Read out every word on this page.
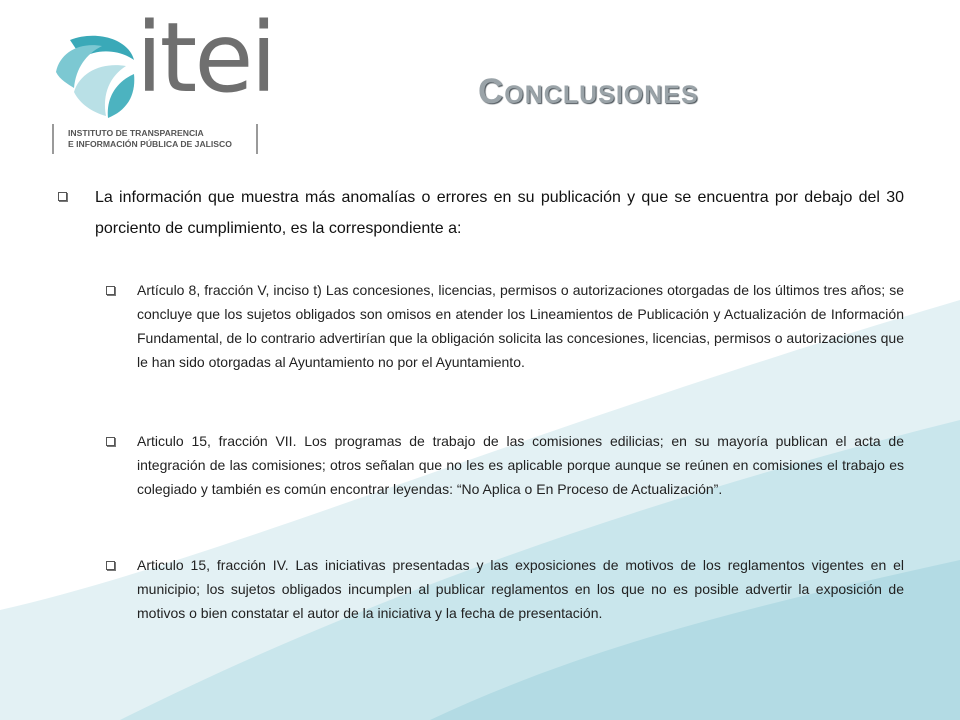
itei
INSTITUTO DE TRANSPARENCIA
E INFORMACIÓN PÚBLICA DE JALISCO
Conclusiones
La información que muestra más anomalías o errores en su publicación y que se encuentra por debajo del 30 porciento de cumplimiento, es la correspondiente a:
Artículo 8, fracción V, inciso t) Las concesiones, licencias, permisos o autorizaciones otorgadas de los últimos tres años; se concluye que los sujetos obligados son omisos en atender los Lineamientos de Publicación y Actualización de Información Fundamental, de lo contrario advertirían que la obligación solicita las concesiones, licencias, permisos o autorizaciones que le han sido otorgadas al Ayuntamiento no por el Ayuntamiento.
Articulo 15, fracción VII. Los programas de trabajo de las comisiones edilicias; en su mayoría publican el acta de integración de las comisiones; otros señalan que no les es aplicable porque aunque se reúnen en comisiones el trabajo es colegiado y también es común encontrar leyendas: “No Aplica o En Proceso de Actualización”.
Articulo 15, fracción IV. Las iniciativas presentadas y las exposiciones de motivos de los reglamentos vigentes en el municipio; los sujetos obligados incumplen al publicar reglamentos en los que no es posible advertir la exposición de motivos o bien constatar el autor de la iniciativa y la fecha de presentación.
